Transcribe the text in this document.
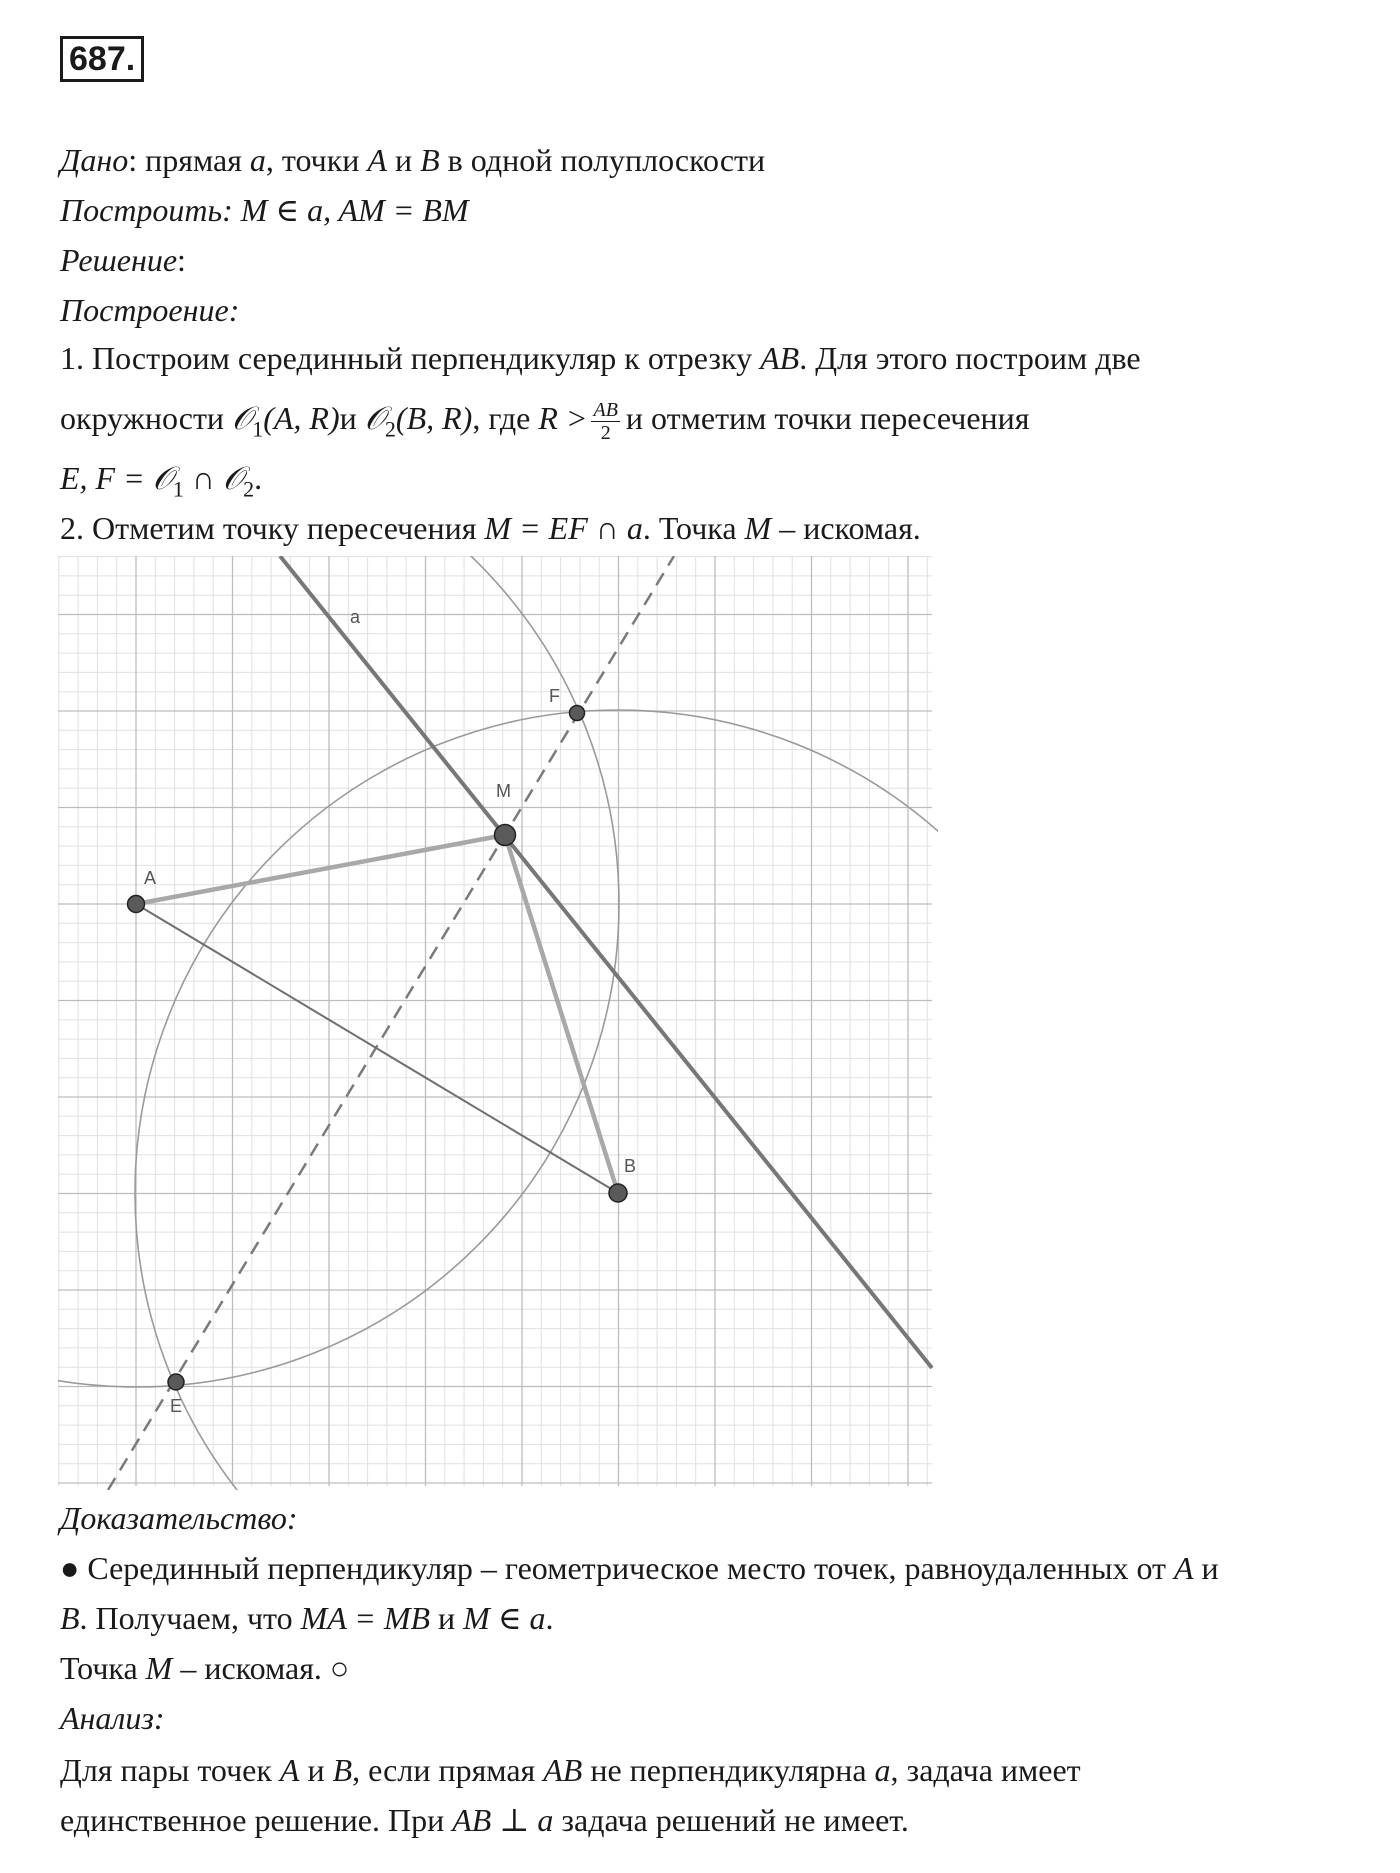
687.
Дано: прямая a, точки A и B в одной полуплоскости
Построить: M ∈ a, AM = BM
Решение:
Построение:
1. Построим серединный перпендикуляр к отрезку AB. Для этого построим две
окружности 𝒪$_1$(A, R)и 𝒪$_2$(B, R), где $R > \frac{AB}{2}$ и отметим точки пересечения
E, F = 𝒪$_1$ ∩ 𝒪$_2$.
2. Отметим точку пересечения M = EF ∩ a. Точка M – искомая.
a
F
M
A
B
E
Доказательство:
● Серединный перпендикуляр – геометрическое место точек, равноудаленных от A и
B. Получаем, что MA = MB и M ∈ a.
Точка M – искомая. ○
Анализ:
Для пары точек A и B, если прямая AB не перпендикулярна a, задача имеет
единственное решение. При AB ⊥ a задача решений не имеет.
